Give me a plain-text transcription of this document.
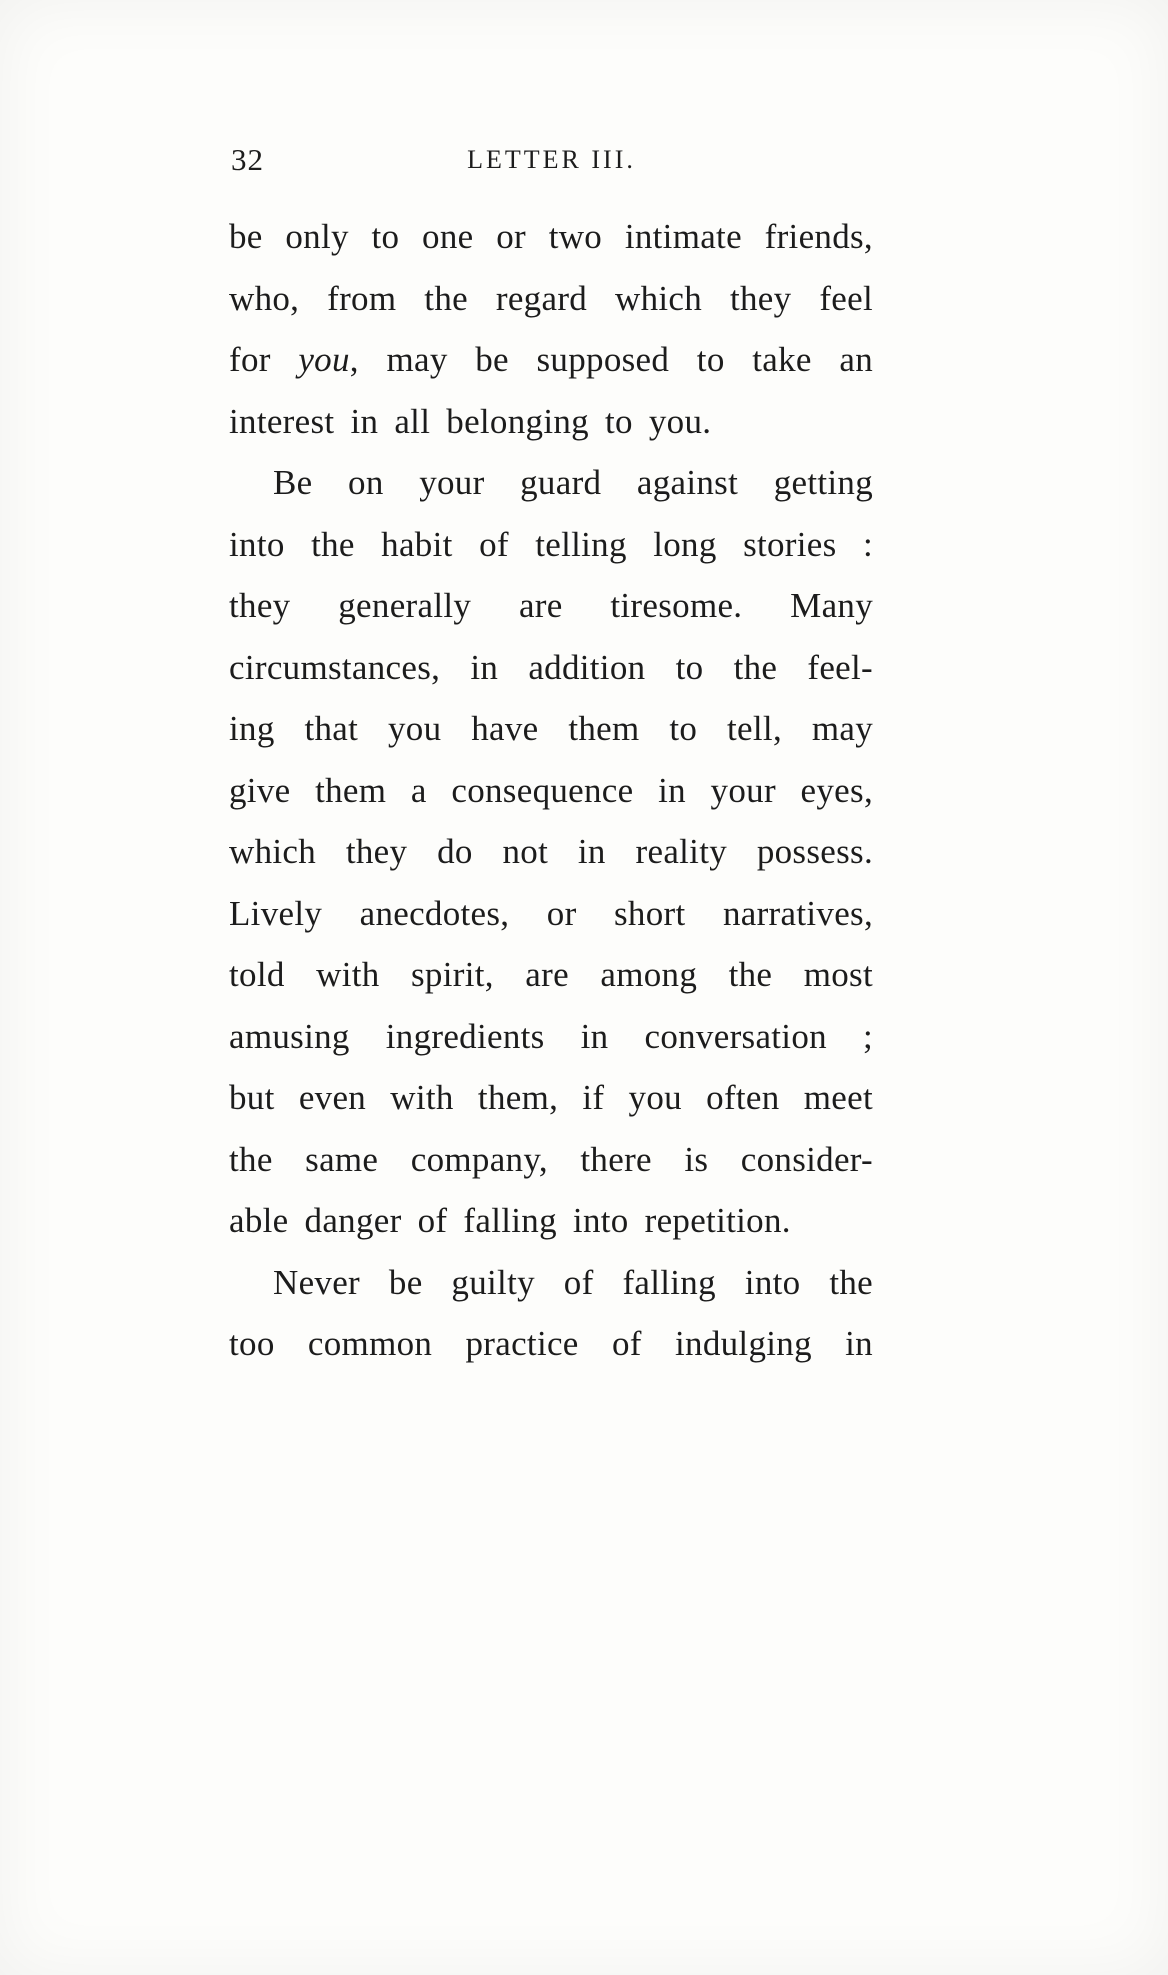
32	LETTER III.
be only to one or two intimate friends,
who, from the regard which they feel
for you, may be supposed to take an
interest in all belonging to you.
Be on your guard against getting
into the habit of telling long stories :
they generally are tiresome. Many
circumstances, in addition to the feel-
ing that you have them to tell, may
give them a consequence in your eyes,
which they do not in reality possess.
Lively anecdotes, or short narratives,
told with spirit, are among the most
amusing ingredients in conversation ;
but even with them, if you often meet
the same company, there is consider-
able danger of falling into repetition.
Never be guilty of falling into the
too common practice of indulging in
